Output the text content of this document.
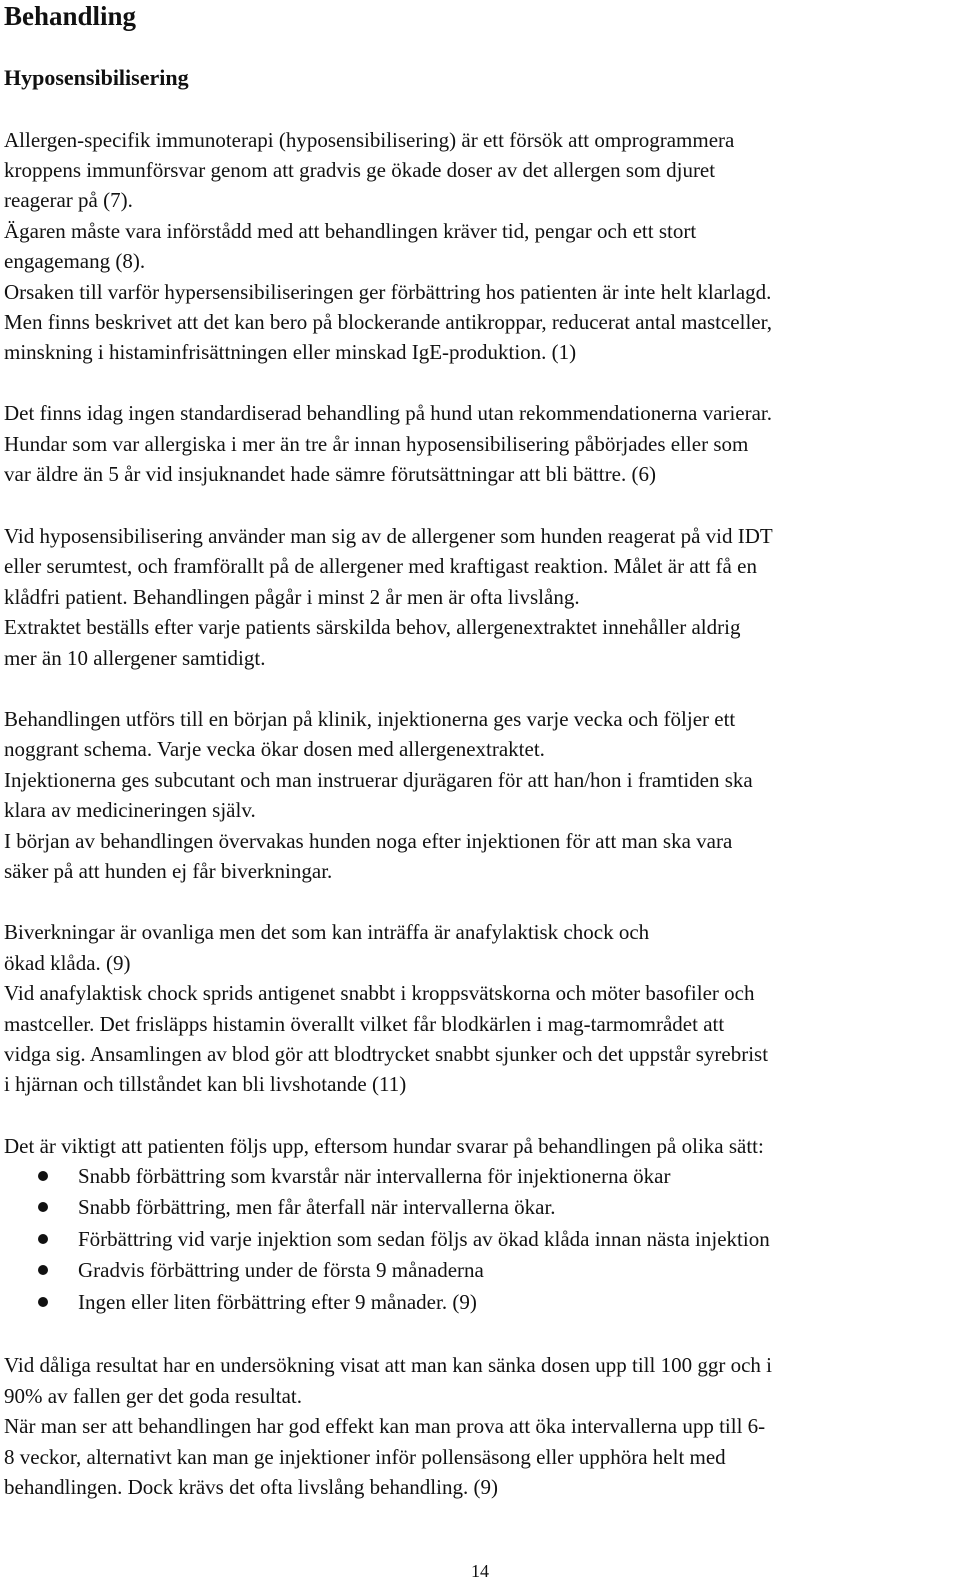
Behandling
Hyposensibilisering
Allergen-specifik immunoterapi (hyposensibilisering) är ett försök att omprogrammera
kroppens immunförsvar genom att gradvis ge ökade doser av det allergen som djuret
reagerar på (7).
Ägaren måste vara införstådd med att behandlingen kräver tid, pengar och ett stort
engagemang (8).
Orsaken till varför hypersensibiliseringen ger förbättring hos patienten är inte helt klarlagd.
Men finns beskrivet att det kan bero på blockerande antikroppar, reducerat antal mastceller,
minskning i histaminfrisättningen eller minskad IgE-produktion. (1)
Det finns idag ingen standardiserad behandling på hund utan rekommendationerna varierar.
Hundar som var allergiska i mer än tre år innan hyposensibilisering påbörjades eller som
var äldre än 5 år vid insjuknandet hade sämre förutsättningar att bli bättre. (6)
Vid hyposensibilisering använder man sig av de allergener som hunden reagerat på vid IDT
eller serumtest, och framförallt på de allergener med kraftigast reaktion. Målet är att få en
klådfri patient. Behandlingen pågår i minst 2 år men är ofta livslång.
Extraktet beställs efter varje patients särskilda behov, allergenextraktet innehåller aldrig
mer än 10 allergener samtidigt.
Behandlingen utförs till en början på klinik, injektionerna ges varje vecka och följer ett
noggrant schema. Varje vecka ökar dosen med allergenextraktet.
Injektionerna ges subcutant och man instruerar djurägaren för att han/hon i framtiden ska
klara av medicineringen själv.
I början av behandlingen övervakas hunden noga efter injektionen för att man ska vara
säker på att hunden ej får biverkningar.
Biverkningar är ovanliga men det som kan inträffa är anafylaktisk chock och
ökad klåda. (9)
Vid anafylaktisk chock sprids antigenet snabbt i kroppsvätskorna och möter basofiler och
mastceller. Det frisläpps histamin överallt vilket får blodkärlen i mag-tarmområdet att
vidga sig. Ansamlingen av blod gör att blodtrycket snabbt sjunker och det uppstår syrebrist
i hjärnan och tillståndet kan bli livshotande (11)
Det är viktigt att patienten följs upp, eftersom hundar svarar på behandlingen på olika sätt:
Snabb förbättring som kvarstår när intervallerna för injektionerna ökar
Snabb förbättring, men får återfall när intervallerna ökar.
Förbättring vid varje injektion som sedan följs av ökad klåda innan nästa injektion
Gradvis förbättring under de första 9 månaderna
Ingen eller liten förbättring efter 9 månader. (9)
Vid dåliga resultat har en undersökning visat att man kan sänka dosen upp till 100 ggr och i
90% av fallen ger det goda resultat.
När man ser att behandlingen har god effekt kan man prova att öka intervallerna upp till 6-
8 veckor, alternativt kan man ge injektioner inför pollensäsong eller upphöra helt med
behandlingen. Dock krävs det ofta livslång behandling. (9)
14
